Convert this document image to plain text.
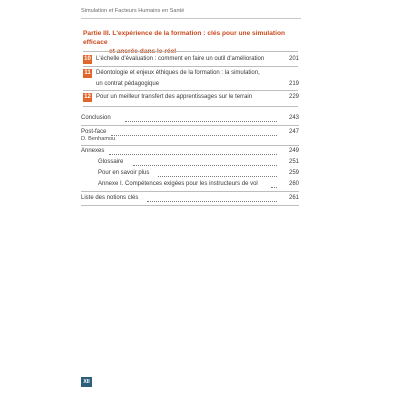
Simulation et Facteurs Humains en Santé
Partie III. L'expérience de la formation : clés pour une simulation efficace
et ancrée dans le réel
10 L'échelle d'évaluation : comment en faire un outil d'amélioration	201
11 Déontologie et enjeux éthiques de la formation : la simulation,
un contrat pédagogique	219
12 Pour un meilleur transfert des apprentissages sur le terrain	229
Conclusion	243
Post-face	247
D. Benhamou
Annexes	249
Glossaire	251
Pour en savoir plus	259
Annexe I. Compétences exigées pour les instructeurs de vol	260
Liste des notions clés	261
XII
